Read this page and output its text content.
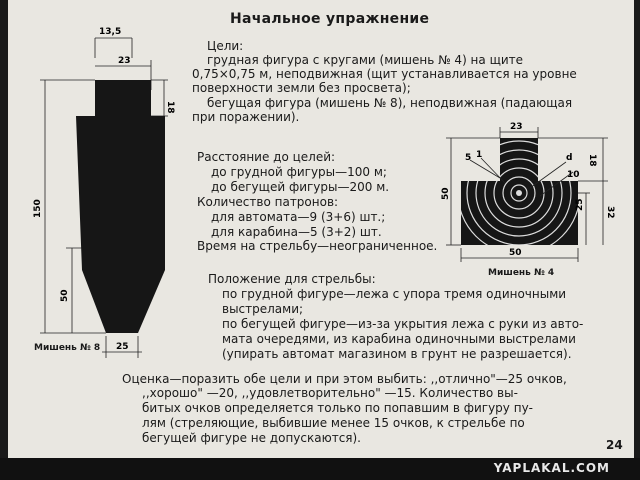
13,5
23
18
150
50
25
Мишень № 8
23
5 1	d
10
18
32
25
50
50
Мишень № 4
Начальное упражнение
Цели:
грудная фигура с кругами (мишень № 4) на щите
0,75×0,75 м, неподвижная (щит устанавливается на уровне
поверхности земли без просвета);
бегущая фигура (мишень № 8), неподвижная (падающая
при поражении).
Расстояние до целей:
до грудной фигуры—100 м;
до бегущей фигуры—200 м.
Количество патронов:
для автомата—9 (3+6) шт.;
для карабина—5 (3+2) шт.
Время на стрельбу—неограниченное.
Положение для стрельбы:
по грудной фигуре—лежа с упора тремя одиночными
выстрелами;
по бегущей фигуре—из-за укрытия лежа с руки из авто-
мата очередями, из карабина одиночными выстрелами
(упирать автомат магазином в грунт не разрешается).
Оценка—поразить обе цели и при этом выбить: ,,отлично"—25 очков,
,,хорошо" —20, ,,удовлетворительно" —15. Количество вы-
битых очков определяется только по попавшим в фигуру пу-
лям (стреляющие, выбившие менее 15 очков, к стрельбе по
бегущей фигуре не допускаются).	24
YAPLAKAL.COM
